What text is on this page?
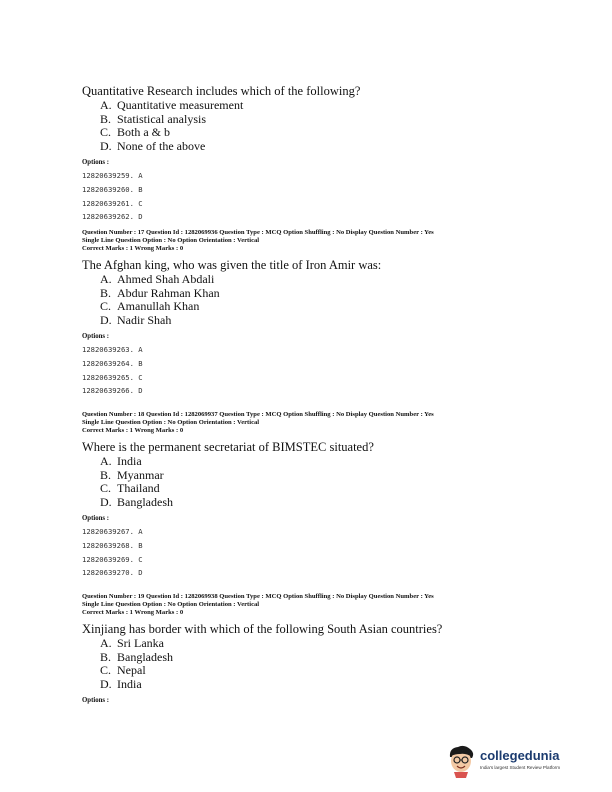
Quantitative Research includes which of the following?
A. Quantitative measurement
B. Statistical analysis
C. Both a & b
D. None of the above
Options :
12820639259. A
12820639260. B
12820639261. C
12820639262. D
Question Number : 17 Question Id : 1282069936 Question Type : MCQ Option Shuffling : No Display Question Number : Yes
Single Line Question Option : No Option Orientation : Vertical
Correct Marks : 1 Wrong Marks : 0
The Afghan king, who was given the title of Iron Amir was:
A. Ahmed Shah Abdali
B. Abdur Rahman Khan
C. Amanullah Khan
D. Nadir Shah
Options :
12820639263. A
12820639264. B
12820639265. C
12820639266. D
Question Number : 18 Question Id : 1282069937 Question Type : MCQ Option Shuffling : No Display Question Number : Yes
Single Line Question Option : No Option Orientation : Vertical
Correct Marks : 1 Wrong Marks : 0
Where is the permanent secretariat of BIMSTEC situated?
A. India
B. Myanmar
C. Thailand
D. Bangladesh
Options :
12820639267. A
12820639268. B
12820639269. C
12820639270. D
Question Number : 19 Question Id : 1282069938 Question Type : MCQ Option Shuffling : No Display Question Number : Yes
Single Line Question Option : No Option Orientation : Vertical
Correct Marks : 1 Wrong Marks : 0
Xinjiang has border with which of the following South Asian countries?
A. Sri Lanka
B. Bangladesh
C. Nepal
D. India
Options :
collegedunia
India's largest Student Review Platform
